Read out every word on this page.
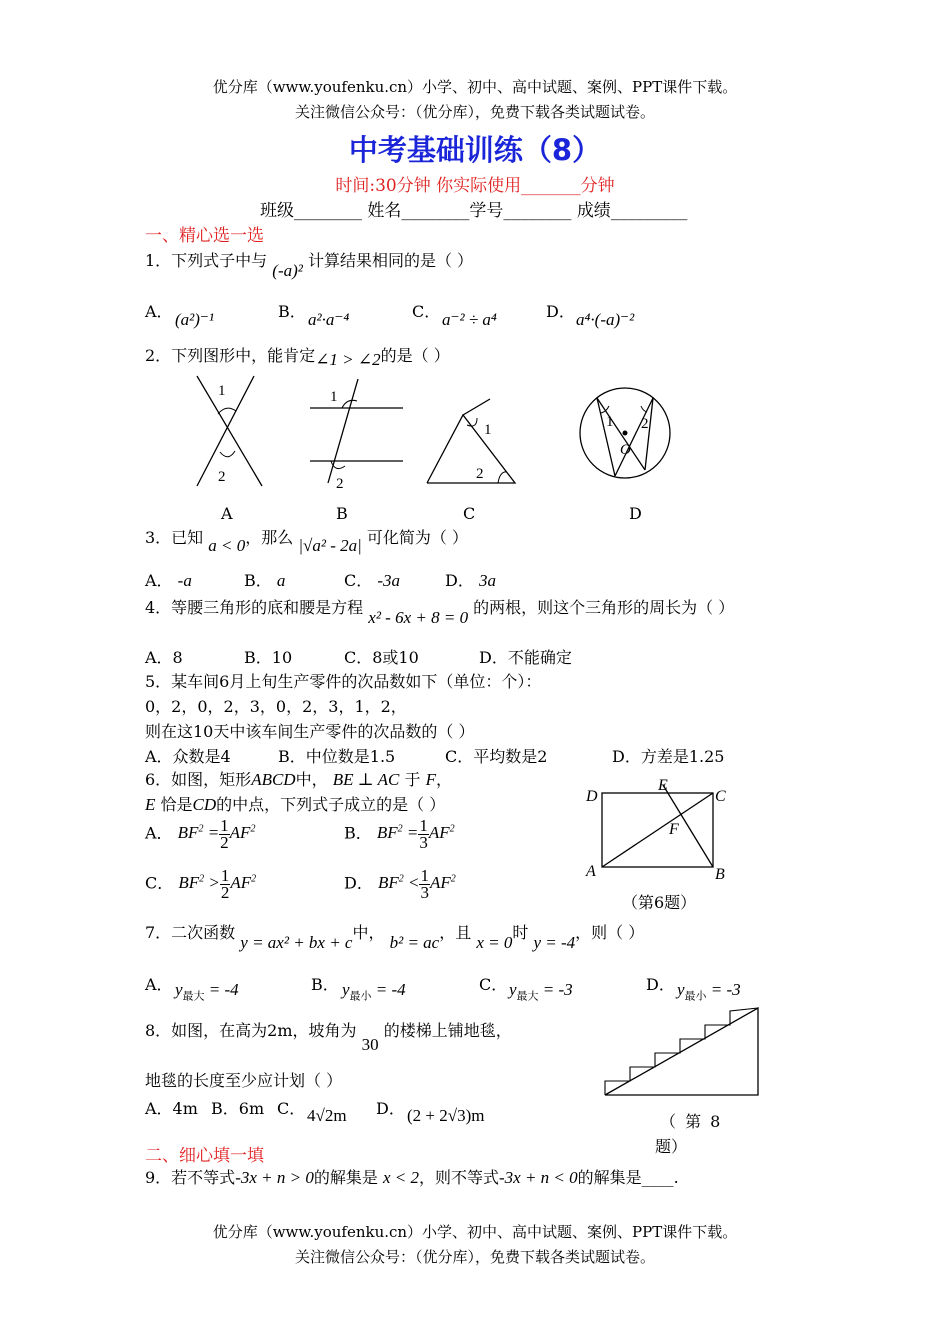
优分库（www.youfenku.cn）小学、初中、高中试题、案例、PPT课件下载。
关注微信公众号：（优分库），免费下载各类试题试卷。
中考基础训练（8）
时间:30分钟 你实际使用_______分钟
班级________ 姓名________学号________ 成绩_________
一、精心选一选
1．下列式子中与 (-a)² 计算结果相同的是（ ）
A． (a²)⁻¹	B． a²·a⁻⁴	C． a⁻² ÷ a⁴	D． a⁴·(-a)⁻²
2．下列图形中，能肯定∠1 > ∠2的是（ ）
1
2
1
2
1
2
1 2
O
A	B	C	D
3．已知 a < 0，那么 |√a² - 2a| 可化简为（ ）
A． -a	B． a	C． -3a	D． 3a
4．等腰三角形的底和腰是方程 x² - 6x + 8 = 0 的两根，则这个三角形的周长为（ ）
A．8	B．10	C．8或10	D．不能确定
5．某车间6月上旬生产零件的次品数如下（单位：个）：
0，2，0，2，3，0，2，3，1，2，
则在这10天中该车间生产零件的次品数的（ ）
A．众数是4	B．中位数是1.5	C．平均数是2	D．方差是1.25
6．如图，矩形ABCD中， BE ⊥ AC 于 F，
E 恰是CD的中点，下列式子成立的是（ ）
A． $BF^2 = \frac{1}{2} AF^2$	B． $BF^2 = \frac{1}{3} AF^2$
C． $BF^2 > \frac{1}{2} AF^2$	D． $BF^2 < \frac{1}{3} AF^2$
D
E
C
F
A	B
（第6题）
7．二次函数 y = ax² + bx + c中， b² = ac，且 x = 0时 y = -4，则（ ）
A． $y_{最大} = -4$	B． $y_{最小} = -4$	C． $y_{最大} = -3$	D． $y_{最小} = -3$
8．如图，在高为2m，坡角为 30 的楼梯上铺地毯，
地毯的长度至少应计划（ ）
A．4m B．6m C． 4√2m D． (2 + 2√3)m	（ 第 8
题）
二、细心填一填
9．若不等式-3x + n > 0的解集是 x < 2，则不等式-3x + n < 0的解集是____.
优分库（www.youfenku.cn）小学、初中、高中试题、案例、PPT课件下载。
关注微信公众号：（优分库），免费下载各类试题试卷。
